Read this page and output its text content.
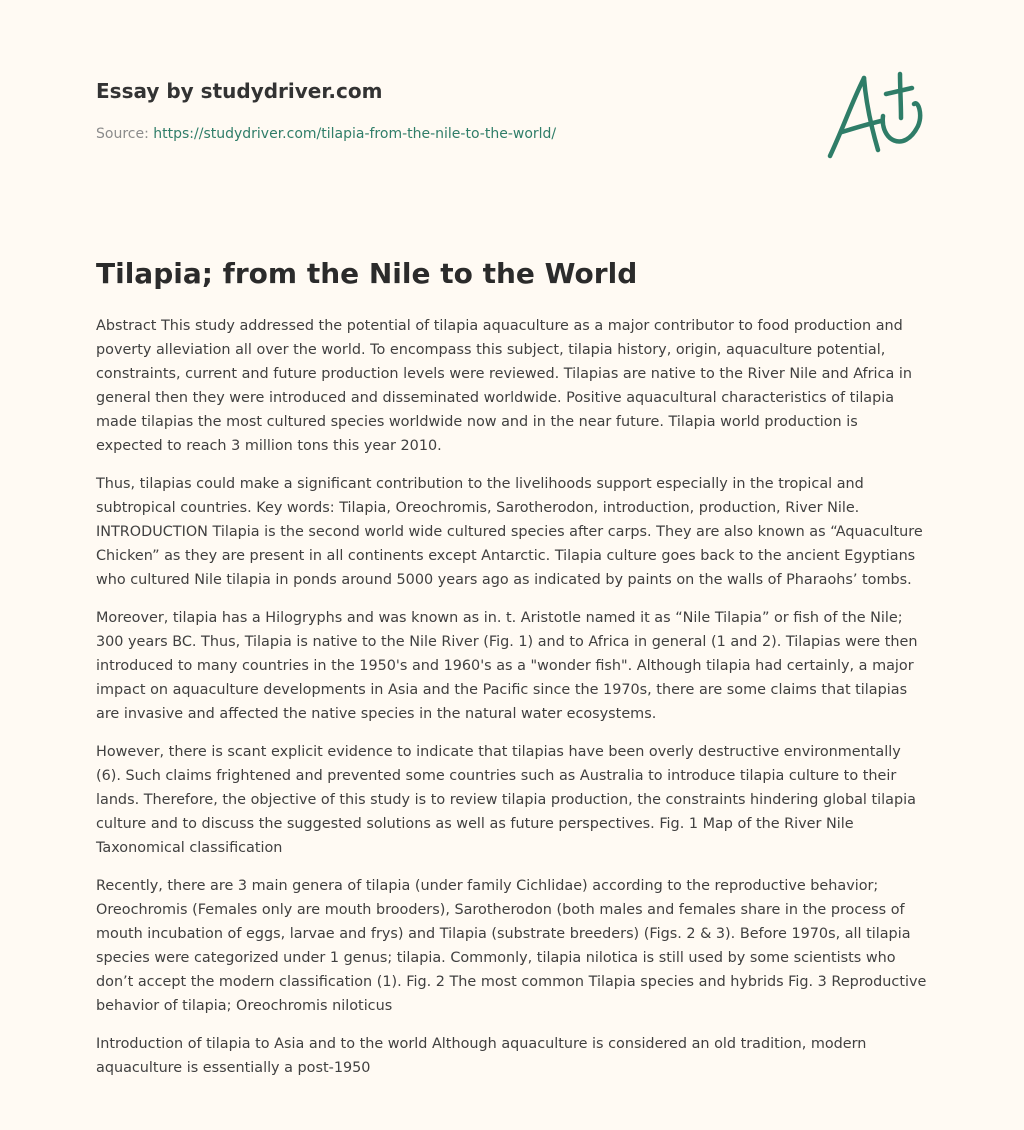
Essay by studydriver.com
Source: https://studydriver.com/tilapia-from-the-nile-to-the-world/
Tilapia; from the Nile to the World

Abstract This study addressed the potential of tilapia aquaculture as a major contributor to food production and poverty alleviation all over the world. To encompass this subject, tilapia history, origin, aquaculture potential, constraints, current and future production levels were reviewed. Tilapias are native to the River Nile and Africa in general then they were introduced and disseminated worldwide. Positive aquacultural characteristics of tilapia made tilapias the most cultured species worldwide now and in the near future. Tilapia world production is expected to reach 3 million tons this year 2010.

Thus, tilapias could make a significant contribution to the livelihoods support especially in the tropical and subtropical countries. Key words: Tilapia, Oreochromis, Sarotherodon, introduction, production, River Nile. INTRODUCTION Tilapia is the second world wide cultured species after carps. They are also known as “Aquaculture Chicken” as they are present in all continents except Antarctic. Tilapia culture goes back to the ancient Egyptians who cultured Nile tilapia in ponds around 5000 years ago as indicated by paints on the walls of Pharaohs’ tombs.

Moreover, tilapia has a Hilogryphs and was known as in. t. Aristotle named it as “Nile Tilapia” or fish of the Nile; 300 years BC. Thus, Tilapia is native to the Nile River (Fig. 1) and to Africa in general (1 and 2). Tilapias were then introduced to many countries in the 1950's and 1960's as a "wonder fish". Although tilapia had certainly, a major impact on aquaculture developments in Asia and the Pacific since the 1970s, there are some claims that tilapias are invasive and affected the native species in the natural water ecosystems.

However, there is scant explicit evidence to indicate that tilapias have been overly destructive environmentally (6). Such claims frightened and prevented some countries such as Australia to introduce tilapia culture to their lands. Therefore, the objective of this study is to review tilapia production, the constraints hindering global tilapia culture and to discuss the suggested solutions as well as future perspectives. Fig. 1 Map of the River Nile Taxonomical classification

Recently, there are 3 main genera of tilapia (under family Cichlidae) according to the reproductive behavior; Oreochromis (Females only are mouth brooders), Sarotherodon (both males and females share in the process of mouth incubation of eggs, larvae and frys) and Tilapia (substrate breeders) (Figs. 2 & 3). Before 1970s, all tilapia species were categorized under 1 genus; tilapia. Commonly, tilapia nilotica is still used by some scientists who don’t accept the modern classification (1). Fig. 2 The most common Tilapia species and hybrids Fig. 3 Reproductive behavior of tilapia; Oreochromis niloticus

Introduction of tilapia to Asia and to the world Although aquaculture is considered an old tradition, modern aquaculture is essentially a post-1950
